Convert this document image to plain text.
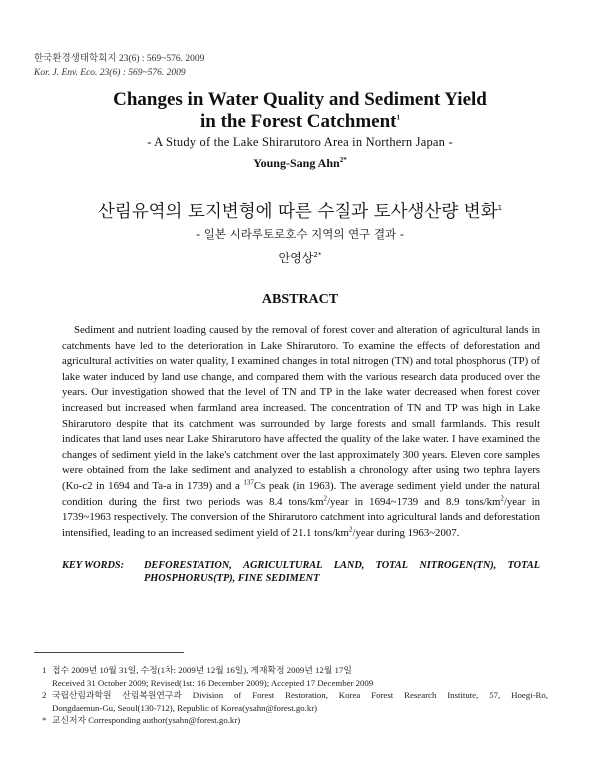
한국환경생태학회지 23(6) : 569~576. 2009
Kor. J. Env. Eco. 23(6) : 569~576. 2009
Changes in Water Quality and Sediment Yield
in the Forest Catchment$^1$
- A Study of the Lake Shirarutoro Area in Northern Japan -
Young-Sang Ahn$^{2*}$
산림유역의 토지변형에 따른 수질과 토사생산량 변화$^1$
- 일본 시라루토로호수 지역의 연구 결과 -
안영상$^{2*}$
ABSTRACT

Sediment and nutrient loading caused by the removal of forest cover and alteration of agricultural lands in catchments have led to the deterioration in Lake Shirarutoro. To examine the effects of deforestation and agricultural activities on water quality, I examined changes in total nitrogen (TN) and total phosphorus (TP) of lake water induced by land use change, and compared them with the various research data produced over the years. Our investigation showed that the level of TN and TP in the lake water decreased when forest cover increased but increased when farmland area increased. The concentration of TN and TP was high in Lake Shirarutoro despite that its catchment was surrounded by large forests and small farmlands. This result indicates that land uses near Lake Shirarutoro have affected the quality of the lake water. I have examined the changes of sediment yield in the lake's catchment over the last approximately 300 years. Eleven core samples were obtained from the lake sediment and analyzed to establish a chronology after using two tephra layers (Ko-c2 in 1694 and Ta-a in 1739) and a $^{137}$Cs peak (in 1963). The average sediment yield under the natural condition during the first two periods was 8.4 tons/$km^2$/year in 1694~1739 and 8.9 tons/$km^2$/year in 1739~1963 respectively. The conversion of the Shirarutoro catchment into agricultural lands and deforestation intensified, leading to an increased sediment yield of 21.1 tons/$km^2$/year during 1963~2007.

KEY WORDS:	DEFORESTATION, AGRICULTURAL LAND, TOTAL NITROGEN(TN), TOTAL
PHOSPHORUS(TP), FINE SEDIMENT
1 접수 2009년 10월 31일, 수정(1차: 2009년 12월 16일), 게재확정 2009년 12월 17일
Received 31 October 2009; Revised(1st: 16 December 2009); Accepted 17 December 2009
2 국립산림과학원 산림복원연구과 Division of Forest Restoration, Korea Forest Research Institute, 57, Hoegi-Ro,
Dongdaemun-Gu, Seoul(130-712), Republic of Korea(ysahn@forest.go.kr)
* 교신저자 Corresponding author(ysahn@forest.go.kr)
